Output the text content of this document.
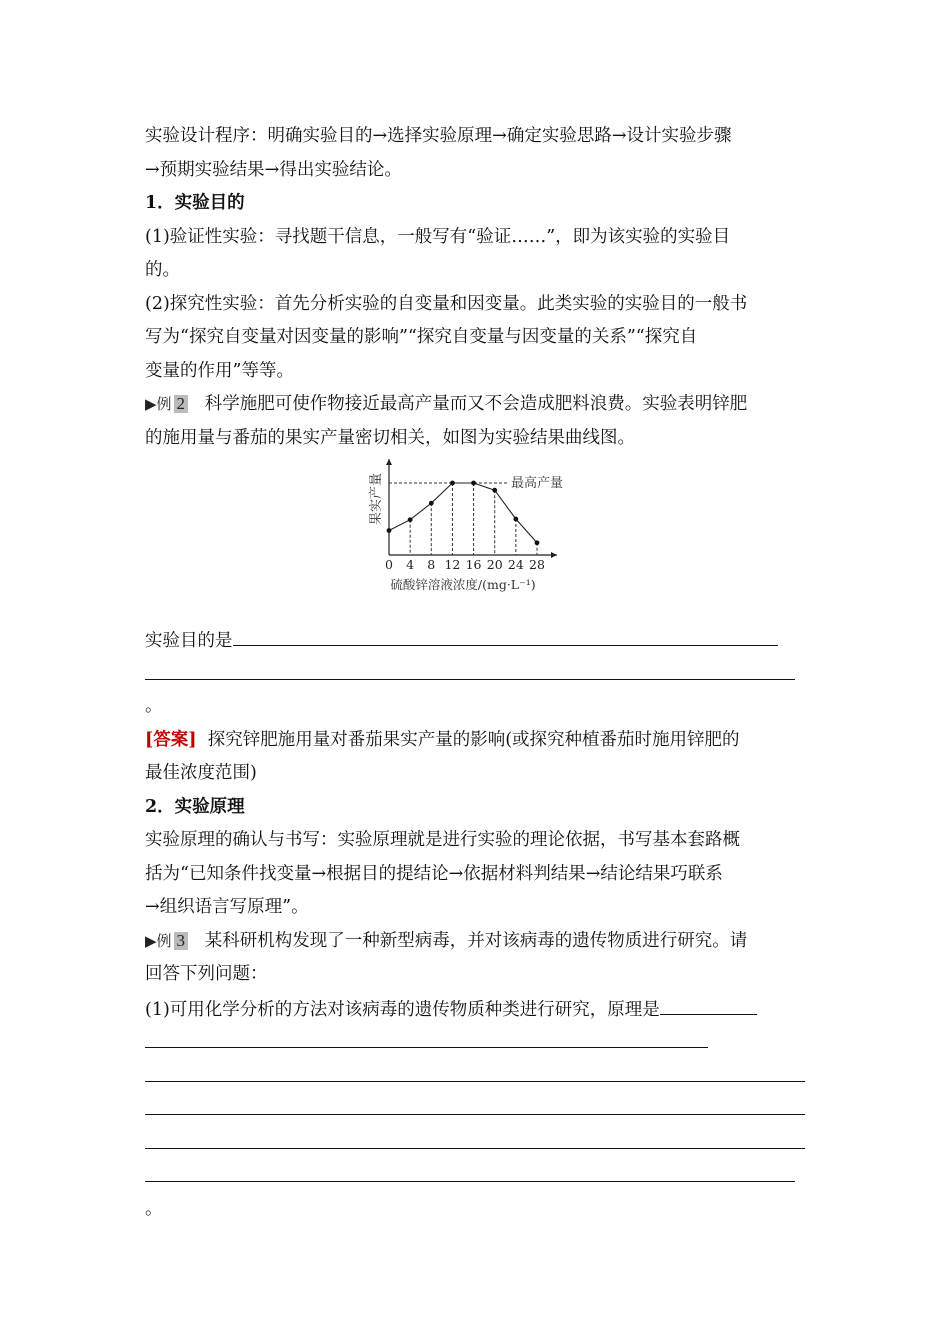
实验设计程序：明确实验目的→选择实验原理→确定实验思路→设计实验步骤
→预期实验结果→得出实验结论。
1．实验目的
(1)验证性实验：寻找题干信息，一般写有“验证……”，即为该实验的实验目
的。
(2)探究性实验：首先分析实验的自变量和因变量。此类实验的实验目的一般书
写为“探究自变量对因变量的影响”“探究自变量与因变量的关系”“探究自
变量的作用”等等。
▶例 2 科学施肥可使作物接近最高产量而又不会造成肥料浪费。实验表明锌肥
的施用量与番茄的果实产量密切相关，如图为实验结果曲线图。
最高产量
果实产量
0 4 8 12 16 20 24 28
硫酸锌溶液浓度/(mg·L⁻¹)
实验目的是
。
[答案] 探究锌肥施用量对番茄果实产量的影响(或探究种植番茄时施用锌肥的
最佳浓度范围)
2．实验原理
实验原理的确认与书写：实验原理就是进行实验的理论依据，书写基本套路概
括为“已知条件找变量→根据目的提结论→依据材料判结果→结论结果巧联系
→组织语言写原理”。
▶例 3 某科研机构发现了一种新型病毒，并对该病毒的遗传物质进行研究。请
回答下列问题：
(1)可用化学分析的方法对该病毒的遗传物质种类进行研究，原理是
。
